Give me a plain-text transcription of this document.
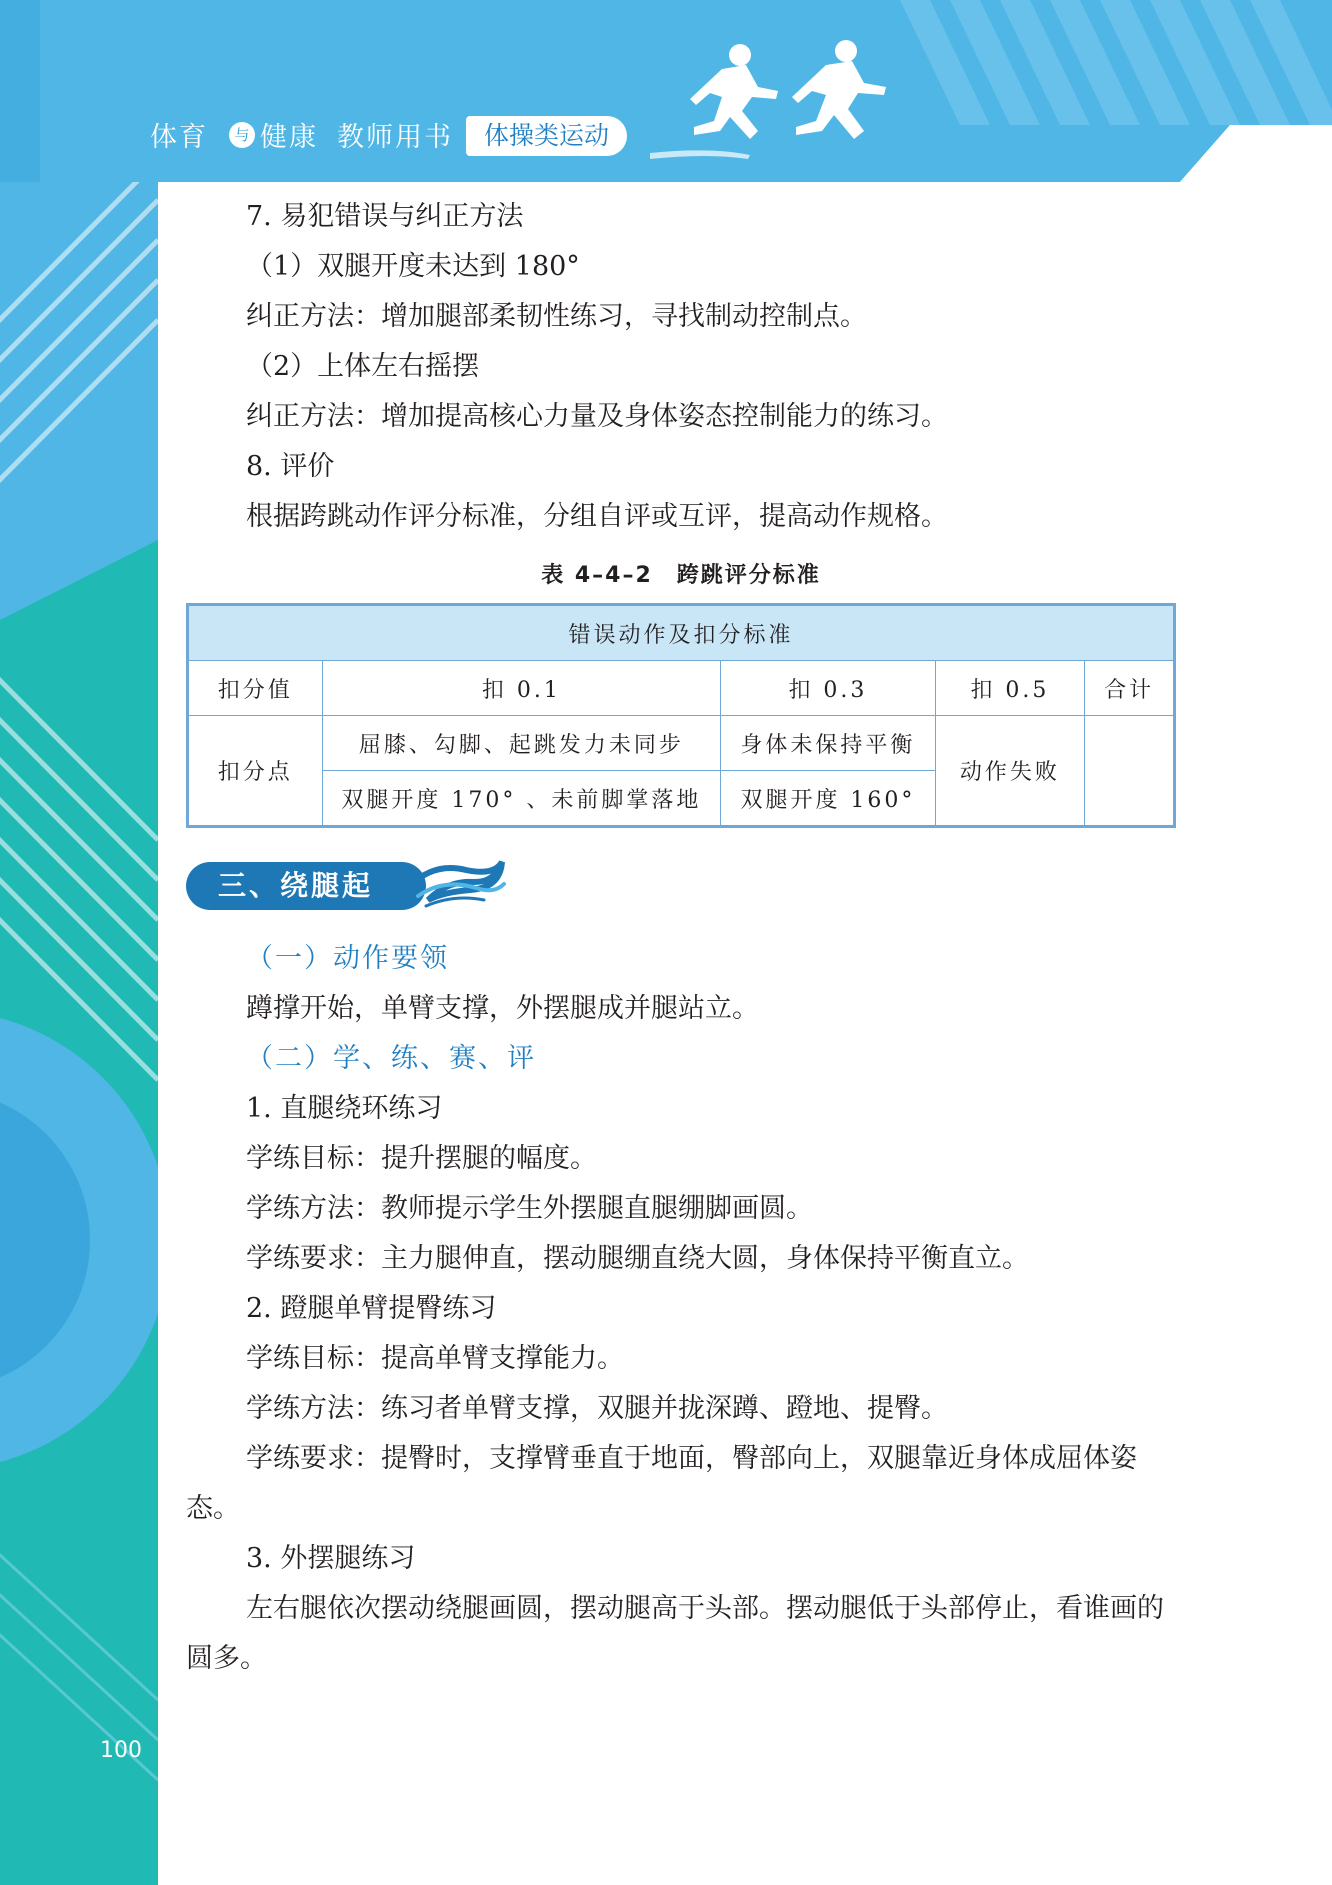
体育	与 健康 教师用书	体操类运动
100

7. 易犯错误与纠正方法

（1）双腿开度未达到 180°

纠正方法：增加腿部柔韧性练习，寻找制动控制点。

（2）上体左右摇摆

纠正方法：增加提高核心力量及身体姿态控制能力的练习。

8. 评价

根据跨跳动作评分标准，分组自评或互评，提高动作规格。

表 4–4–2　跨跳评分标准
错误动作及扣分标准				
扣分值	扣 0.1	扣 0.3	扣 0.5	合计
扣分点	屈膝、勾脚、起跳发力未同步	身体未保持平衡	动作失败	
	双腿开度 170° 、未前脚掌落地	双腿开度 160°		
三、绕腿起

（一）动作要领

蹲撑开始，单臂支撑，外摆腿成并腿站立。

（二）学、练、赛、评

1. 直腿绕环练习

学练目标：提升摆腿的幅度。

学练方法：教师提示学生外摆腿直腿绷脚画圆。

学练要求：主力腿伸直，摆动腿绷直绕大圆，身体保持平衡直立。

2. 蹬腿单臂提臀练习

学练目标：提高单臂支撑能力。

学练方法：练习者单臂支撑，双腿并拢深蹲、蹬地、提臀。

学练要求：提臀时，支撑臂垂直于地面，臀部向上，双腿靠近身体成屈体姿态。

3. 外摆腿练习

左右腿依次摆动绕腿画圆，摆动腿高于头部。摆动腿低于头部停止，看谁画的圆多。
